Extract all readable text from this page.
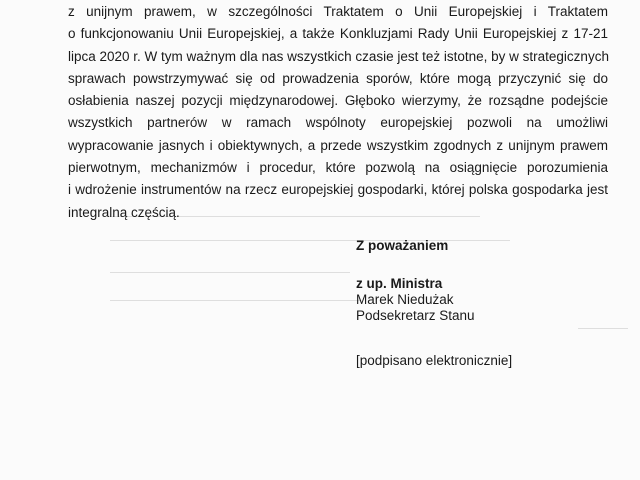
z unijnym prawem, w szczególności Traktatem o Unii Europejskiej i Traktatem
o funkcjonowaniu Unii Europejskiej, a także Konkluzjami Rady Unii Europejskiej z 17-21
lipca 2020 r. W tym ważnym dla nas wszystkich czasie jest też istotne, by w strategicznych
sprawach powstrzymywać się od prowadzenia sporów, które mogą przyczynić się do
osłabienia naszej pozycji międzynarodowej. Głęboko wierzymy, że rozsądne podejście
wszystkich partnerów w ramach wspólnoty europejskiej pozwoli na umożliwi
wypracowanie jasnych i obiektywnych, a przede wszystkim zgodnych z unijnym prawem
pierwotnym, mechanizmów i procedur, które pozwolą na osiągnięcie porozumienia
i wdrożenie instrumentów na rzecz europejskiej gospodarki, której polska gospodarka jest
integralną częścią.

Z poważaniem

z up. Ministra

Marek Niedużak

Podsekretarz Stanu

[podpisano elektronicznie]
